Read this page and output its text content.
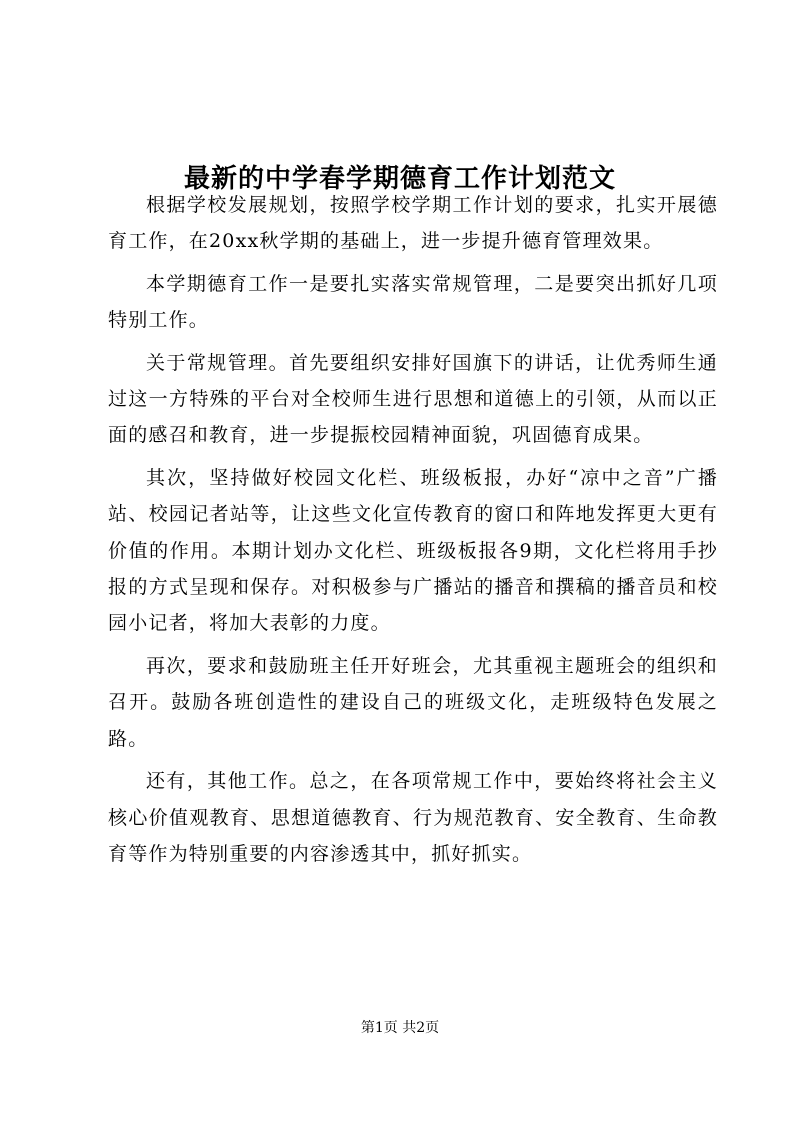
最新的中学春学期德育工作计划范文

根据学校发展规划，按照学校学期工作计划的要求，扎实开展德育工作，在20xx秋学期的基础上，进一步提升德育管理效果。

本学期德育工作一是要扎实落实常规管理，二是要突出抓好几项特别工作。

关于常规管理。首先要组织安排好国旗下的讲话，让优秀师生通过这一方特殊的平台对全校师生进行思想和道德上的引领，从而以正面的感召和教育，进一步提振校园精神面貌，巩固德育成果。

其次，坚持做好校园文化栏、班级板报，办好“凉中之音”广播站、校园记者站等，让这些文化宣传教育的窗口和阵地发挥更大更有价值的作用。本期计划办文化栏、班级板报各9期，文化栏将用手抄报的方式呈现和保存。对积极参与广播站的播音和撰稿的播音员和校园小记者，将加大表彰的力度。

再次，要求和鼓励班主任开好班会，尤其重视主题班会的组织和召开。鼓励各班创造性的建设自己的班级文化，走班级特色发展之路。

还有，其他工作。总之，在各项常规工作中，要始终将社会主义核心价值观教育、思想道德教育、行为规范教育、安全教育、生命教育等作为特别重要的内容渗透其中，抓好抓实。

第1页 共2页
